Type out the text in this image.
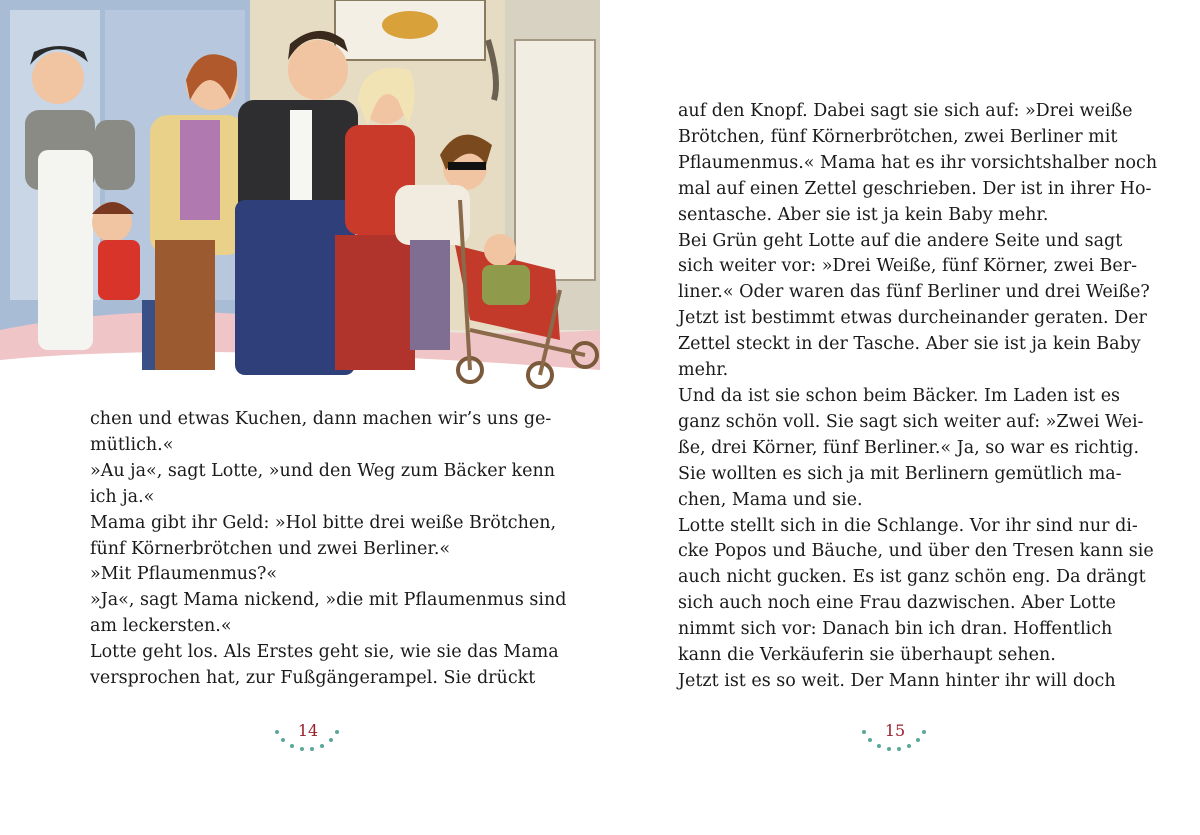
chen und etwas Kuchen, dann machen wir’s uns ge-

mütlich.«

»Au ja«, sagt Lotte, »und den Weg zum Bäcker kenn

ich ja.«

Mama gibt ihr Geld: »Hol bitte drei weiße Brötchen,

fünf Körnerbrötchen und zwei Berliner.«

»Mit Pflaumenmus?«

»Ja«, sagt Mama nickend, »die mit Pflaumenmus sind

am leckersten.«

Lotte geht los. Als Erstes geht sie, wie sie das Mama

versprochen hat, zur Fußgängerampel. Sie drückt

14

auf den Knopf. Dabei sagt sie sich auf: »Drei weiße

Brötchen, fünf Körnerbrötchen, zwei Berliner mit

Pflaumenmus.« Mama hat es ihr vorsichtshalber noch

mal auf einen Zettel geschrieben. Der ist in ihrer Ho-

sentasche. Aber sie ist ja kein Baby mehr.

Bei Grün geht Lotte auf die andere Seite und sagt

sich weiter vor: »Drei Weiße, fünf Körner, zwei Ber-

liner.« Oder waren das fünf Berliner und drei Weiße?

Jetzt ist bestimmt etwas durcheinander geraten. Der

Zettel steckt in der Tasche. Aber sie ist ja kein Baby

mehr.

Und da ist sie schon beim Bäcker. Im Laden ist es

ganz schön voll. Sie sagt sich weiter auf: »Zwei Wei-

ße, drei Körner, fünf Berliner.« Ja, so war es richtig.

Sie wollten es sich ja mit Berlinern gemütlich ma-

chen, Mama und sie.

Lotte stellt sich in die Schlange. Vor ihr sind nur di-

cke Popos und Bäuche, und über den Tresen kann sie

auch nicht gucken. Es ist ganz schön eng. Da drängt

sich auch noch eine Frau dazwischen. Aber Lotte

nimmt sich vor: Danach bin ich dran. Hoffentlich

kann die Verkäuferin sie überhaupt sehen.

Jetzt ist es so weit. Der Mann hinter ihr will doch

15
